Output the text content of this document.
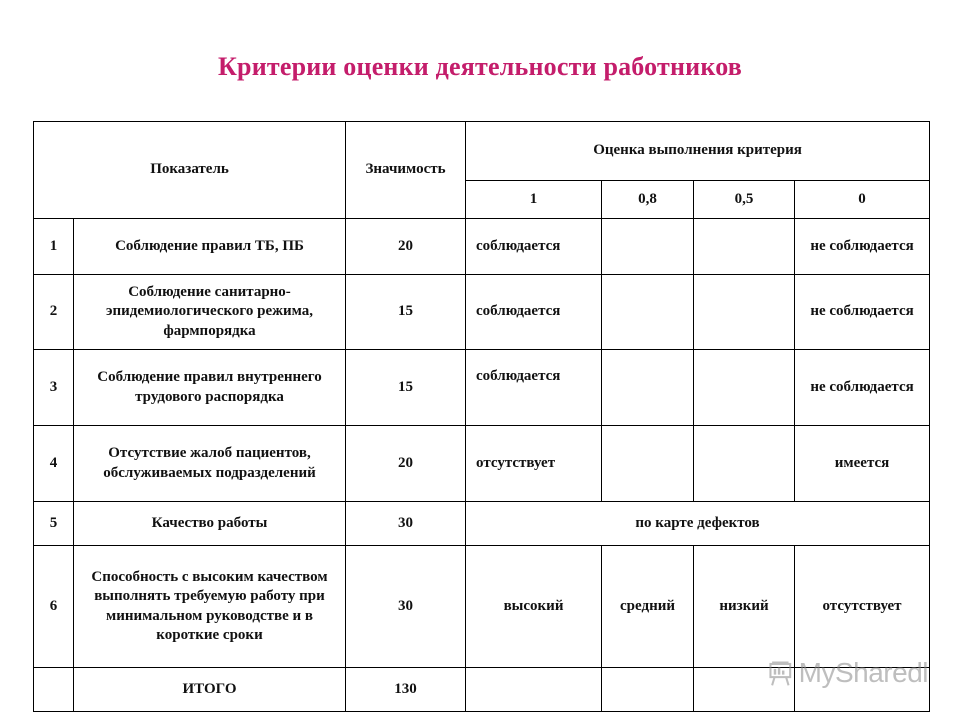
Критерии оценки деятельности работников
Показатель		Значимость	Оценка выполнения критерия			
			1	0,8	0,5	0
1	Соблюдение правил ТБ, ПБ	20	соблюдается			не соблюдается
2	Соблюдение санитарно-эпидемиологического режима, фармпорядка	15	соблюдается			не соблюдается
3	Соблюдение правил внутреннего трудового распорядка	15	соблюдается			не соблюдается
4	Отсутствие жалоб пациентов, обслуживаемых подразделений	20	отсутствует			имеется
5	Качество работы	30	по карте дефектов			
6	Способность с высоким качеством выполнять требуемую работу при минимальном руководстве и в короткие сроки	30	высокий	средний	низкий	отсутствует
	ИТОГО	130				
MySharedl
